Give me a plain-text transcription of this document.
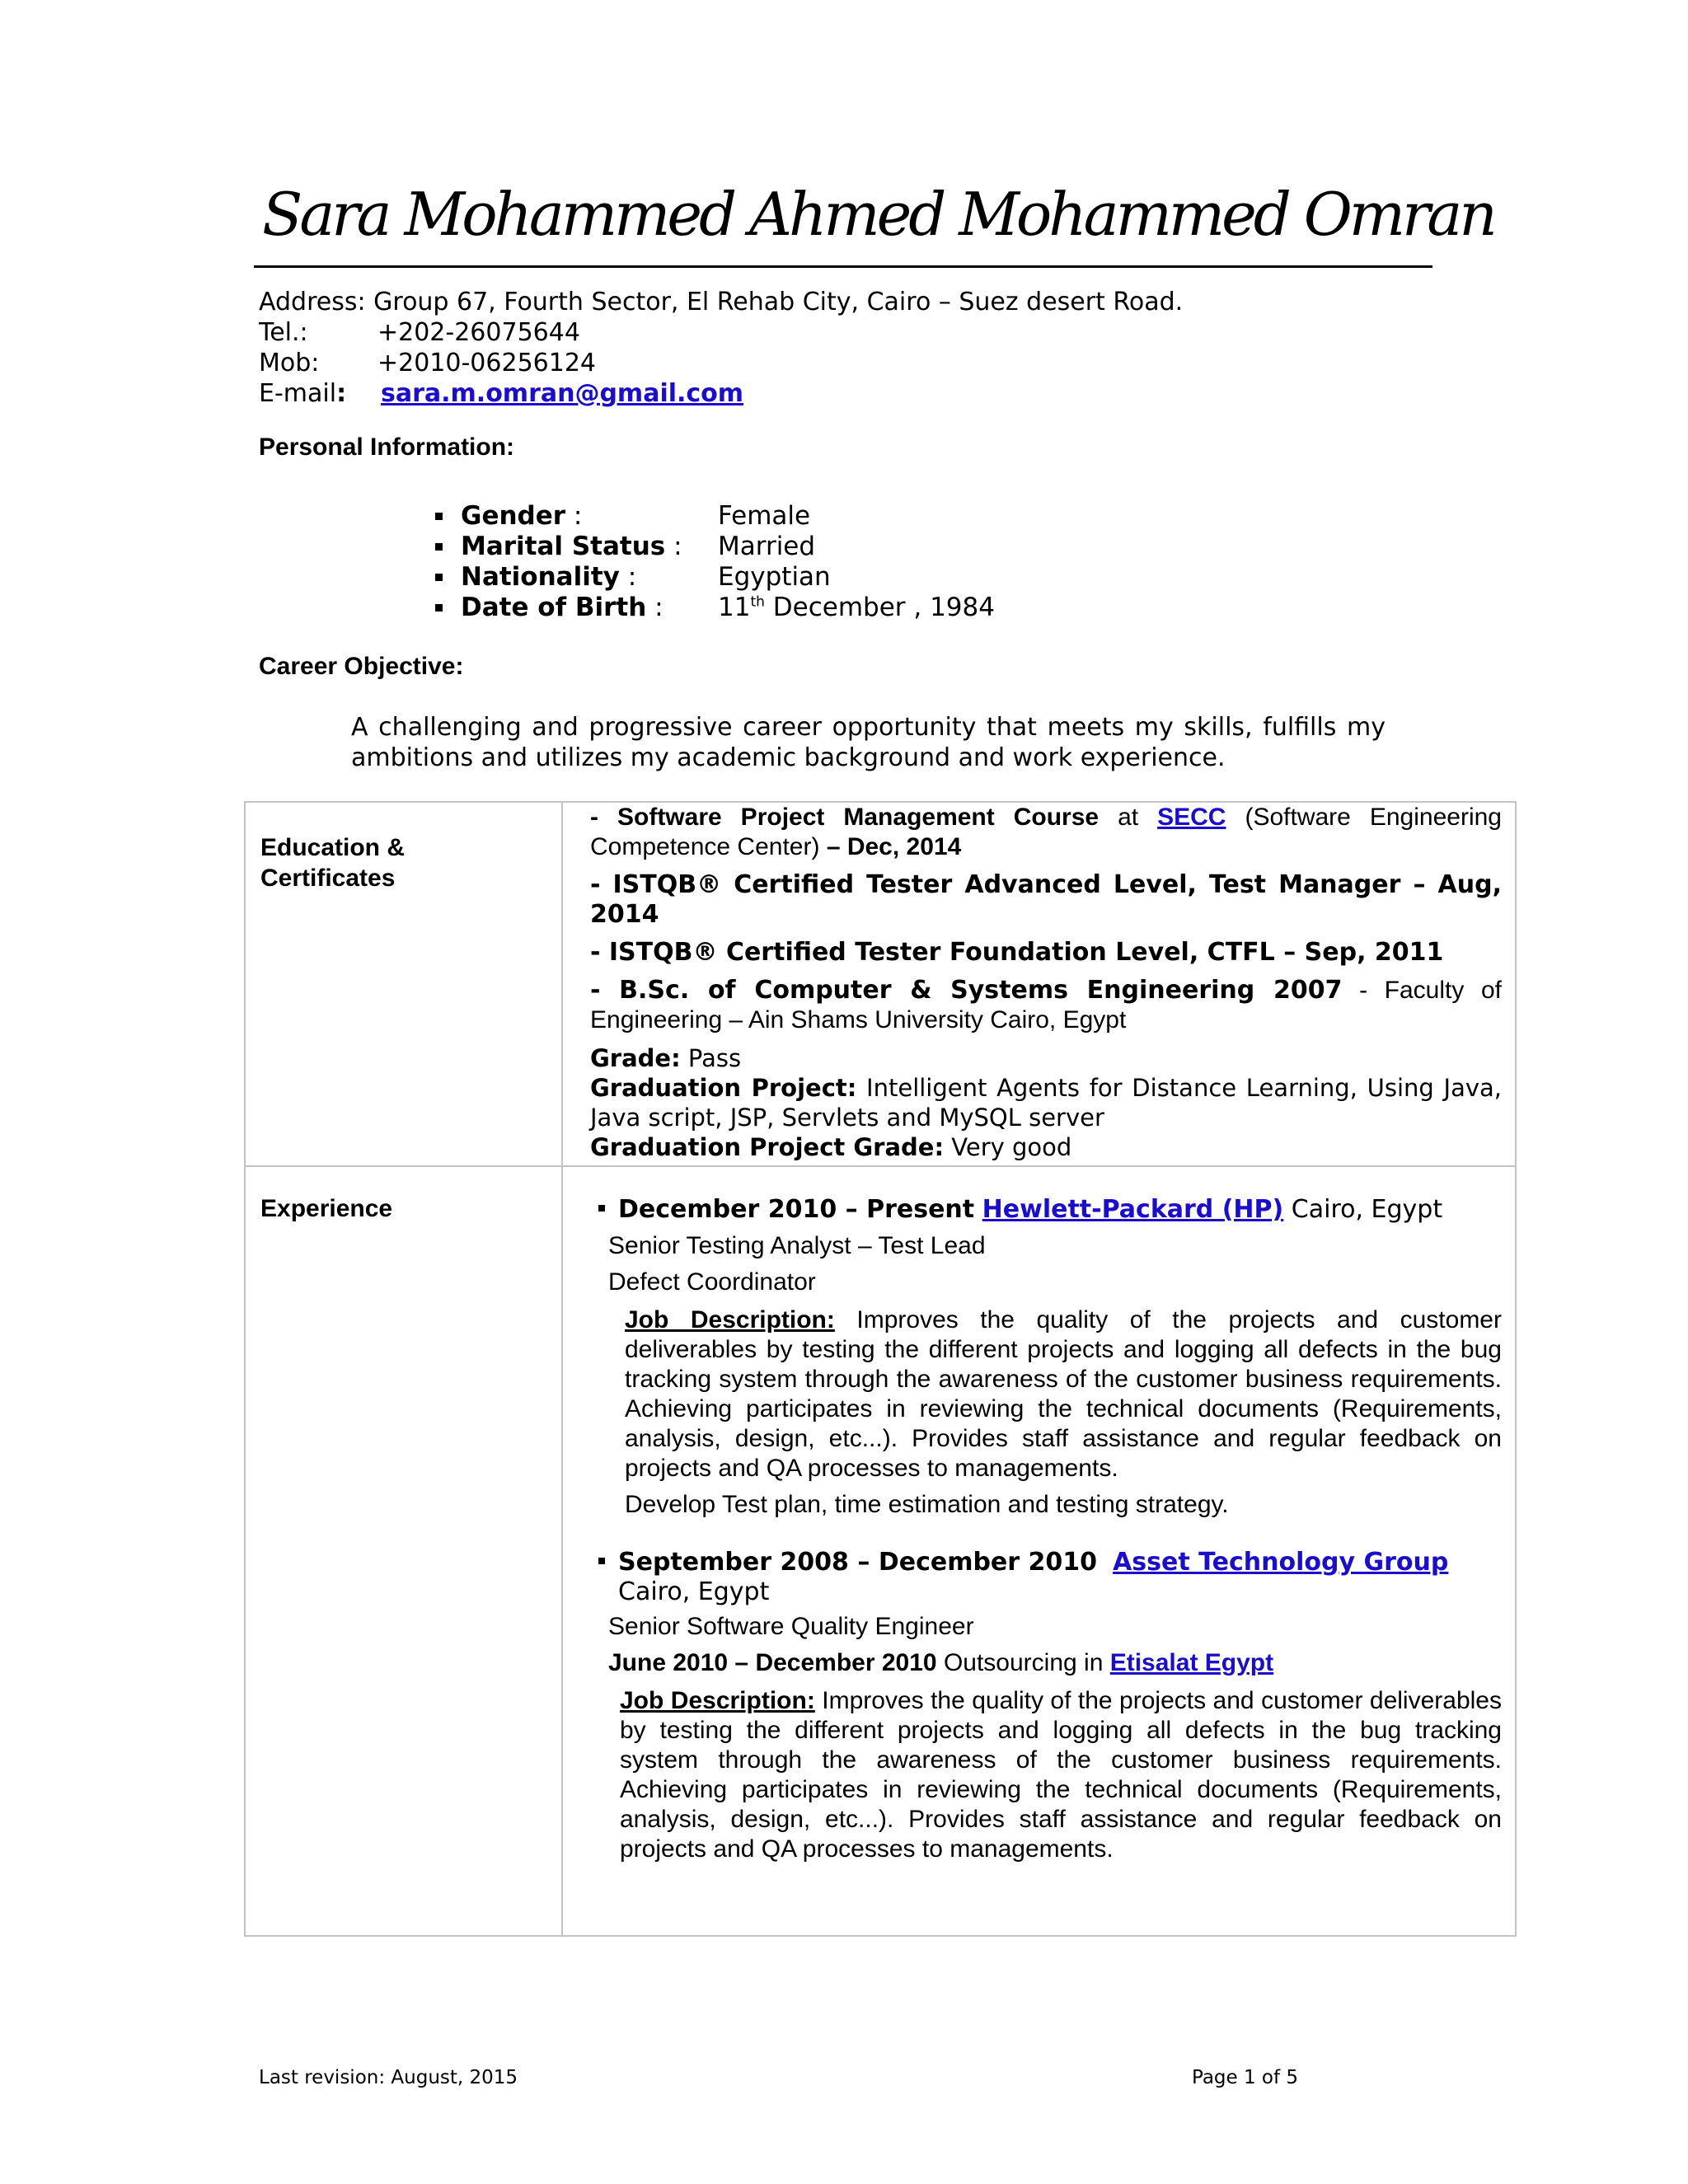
Sara Mohammed Ahmed Mohammed Omran
Address:
Group 67, Fourth Sector, El Rehab City, Cairo – Suez desert Road.
Tel.:	+202-26075644
Mob:	+2010-06256124
E-mail:	sara.m.omran@gmail.com
Personal Information:
Gender :	Female
Marital Status :	Married
Nationality :	Egyptian
Date of Birth :	11th December , 1984
Career Objective:
A challenging and progressive career opportunity that meets my skills, fulfills my ambitions and utilizes my academic background and work experience.
Education &
Certificates

- Software Project Management Course at SECC (Software Engineering Competence Center) – Dec, 2014

- ISTQB® Certified Tester Advanced Level, Test Manager – Aug, 2014

- ISTQB® Certified Tester Foundation Level, CTFL – Sep, 2011

- B.Sc. of Computer & Systems Engineering 2007 - Faculty of Engineering – Ain Shams University Cairo, Egypt

Grade: Pass

Graduation Project: Intelligent Agents for Distance Learning, Using Java, Java script, JSP, Servlets and MySQL server

Graduation Project Grade: Very good

Experience	December 2010 – Present Hewlett-Packard (HP) Cairo, Egypt
Senior Testing Analyst – Test Lead
Defect Coordinator

Job Description: Improves the quality of the projects and customer deliverables by testing the different projects and logging all defects in the bug tracking system through the awareness of the customer business requirements. Achieving participates in reviewing the technical documents (Requirements, analysis, design, etc...). Provides staff assistance and regular feedback on projects and QA processes to managements.

Develop Test plan, time estimation and testing strategy.
September 2008 – December 2010 Asset Technology Group
Cairo, Egypt
Senior Software Quality Engineer
June 2010 – December 2010 Outsourcing in Etisalat Egypt

Job Description: Improves the quality of the projects and customer deliverables by testing the different projects and logging all defects in the bug tracking system through the awareness of the customer business requirements. Achieving participates in reviewing the technical documents (Requirements, analysis, design, etc...). Provides staff assistance and regular feedback on projects and QA processes to managements.

Last revision: August, 2015	Page 1 of 5
